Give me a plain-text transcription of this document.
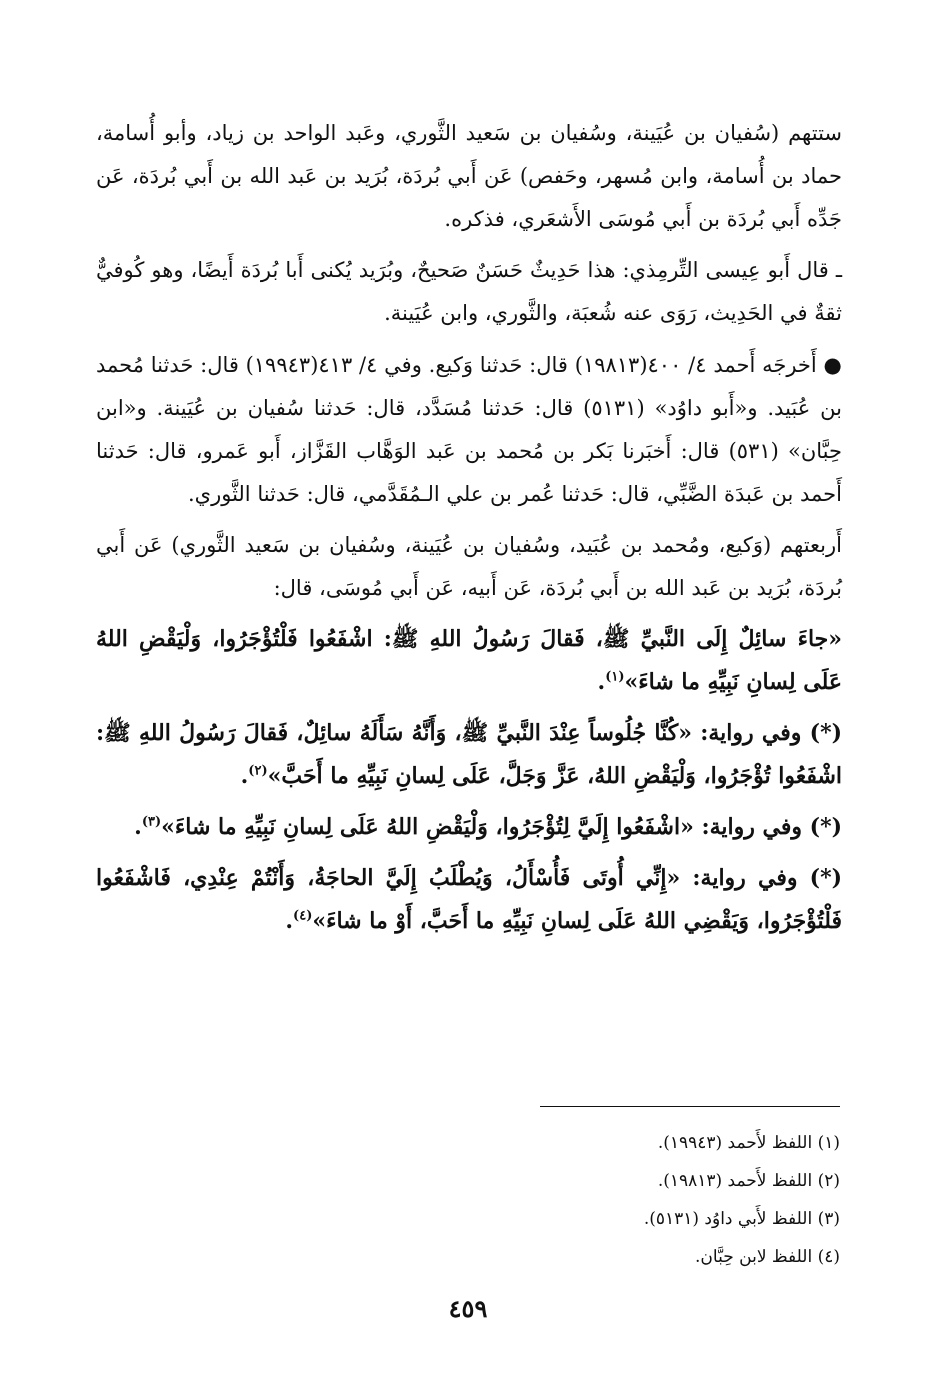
ستتهم (سُفيان بن عُيَينة، وسُفيان بن سَعيد الثَّوري، وعَبد الواحد بن زياد، وأبو أُسامة، حماد بن أُسامة، وابن مُسهر، وحَفص) عَن أَبي بُردَة، بُرَيد بن عَبد الله بن أَبي بُردَة، عَن جَدِّه أَبي بُردَة بن أَبي مُوسَى الأَشعَري، فذكره.

ـ قال أَبو عِيسى التِّرمِذي: هذا حَدِيثٌ حَسَنٌ صَحيحٌ، وبُرَيد يُكنى أَبا بُردَة أَيضًا، وهو كُوفيٌّ ثقةٌ في الحَدِيث، رَوَى عنه شُعبَة، والثَّوري، وابن عُيَينة.

● أَخرجَه أَحمد ٤/ ٤٠٠(١٩٨١٣) قال: حَدثنا وَكيع. وفي ٤/ ٤١٣(١٩٩٤٣) قال: حَدثنا مُحمد بن عُبَيد. و«أَبو داوُد» (٥١٣١) قال: حَدثنا مُسَدَّد، قال: حَدثنا سُفيان بن عُيَينة. و«ابن حِبَّان» (٥٣١) قال: أَخبَرنا بَكر بن مُحمد بن عَبد الوَهَّاب القَزَّاز، أَبو عَمرو، قال: حَدثنا أَحمد بن عَبدَة الضَّبِّي، قال: حَدثنا عُمر بن علي الـمُقَدَّمي، قال: حَدثنا الثَّوري.

أَربعتهم (وَكيع، ومُحمد بن عُبَيد، وسُفيان بن عُيَينة، وسُفيان بن سَعيد الثَّوري) عَن أَبي بُردَة، بُرَيد بن عَبد الله بن أَبي بُردَة، عَن أَبيه، عَن أَبي مُوسَى، قال:

«جاءَ سائِلٌ إِلَى النَّبيِّ ﷺ، فَقالَ رَسُولُ اللهِ ﷺ: اشْفَعُوا فَلْتُؤْجَرُوا، وَلْيَقْضِ اللهُ عَلَى لِسانِ نَبِيِّهِ ما شاءَ»$^{(١)}$.

(*) وفي رواية: «كُنَّا جُلُوساً عِنْدَ النَّبيِّ ﷺ، وَأَنَّهُ سَأَلَهُ سائِلٌ، فَقالَ رَسُولُ اللهِ ﷺ: اشْفَعُوا تُؤْجَرُوا، وَلْيَقْضِ اللهُ، عَزَّ وَجَلَّ، عَلَى لِسانِ نَبِيِّهِ ما أَحَبَّ»$^{(٢)}$.

(*) وفي رواية: «اشْفَعُوا إِلَيَّ لِتُؤْجَرُوا، وَلْيَقْضِ اللهُ عَلَى لِسانِ نَبِيِّهِ ما شاءَ»$^{(٣)}$.

(*) وفي رواية: «إِنِّي أُوتَى فَأُسْأَلُ، وَيُطْلَبُ إِلَيَّ الحاجَةُ، وَأَنْتُمْ عِنْدِي، فَاشْفَعُوا فَلْتُؤْجَرُوا، وَيَقْضِي اللهُ عَلَى لِسانِ نَبِيِّهِ ما أَحَبَّ، أَوْ ما شاءَ»$^{(٤)}$.

(١) اللفظ لأَحمد (١٩٩٤٣).
(٢) اللفظ لأَحمد (١٩٨١٣).
(٣) اللفظ لأَبي داوُد (٥١٣١).
(٤) اللفظ لابن حِبَّان.
٤٥٩
